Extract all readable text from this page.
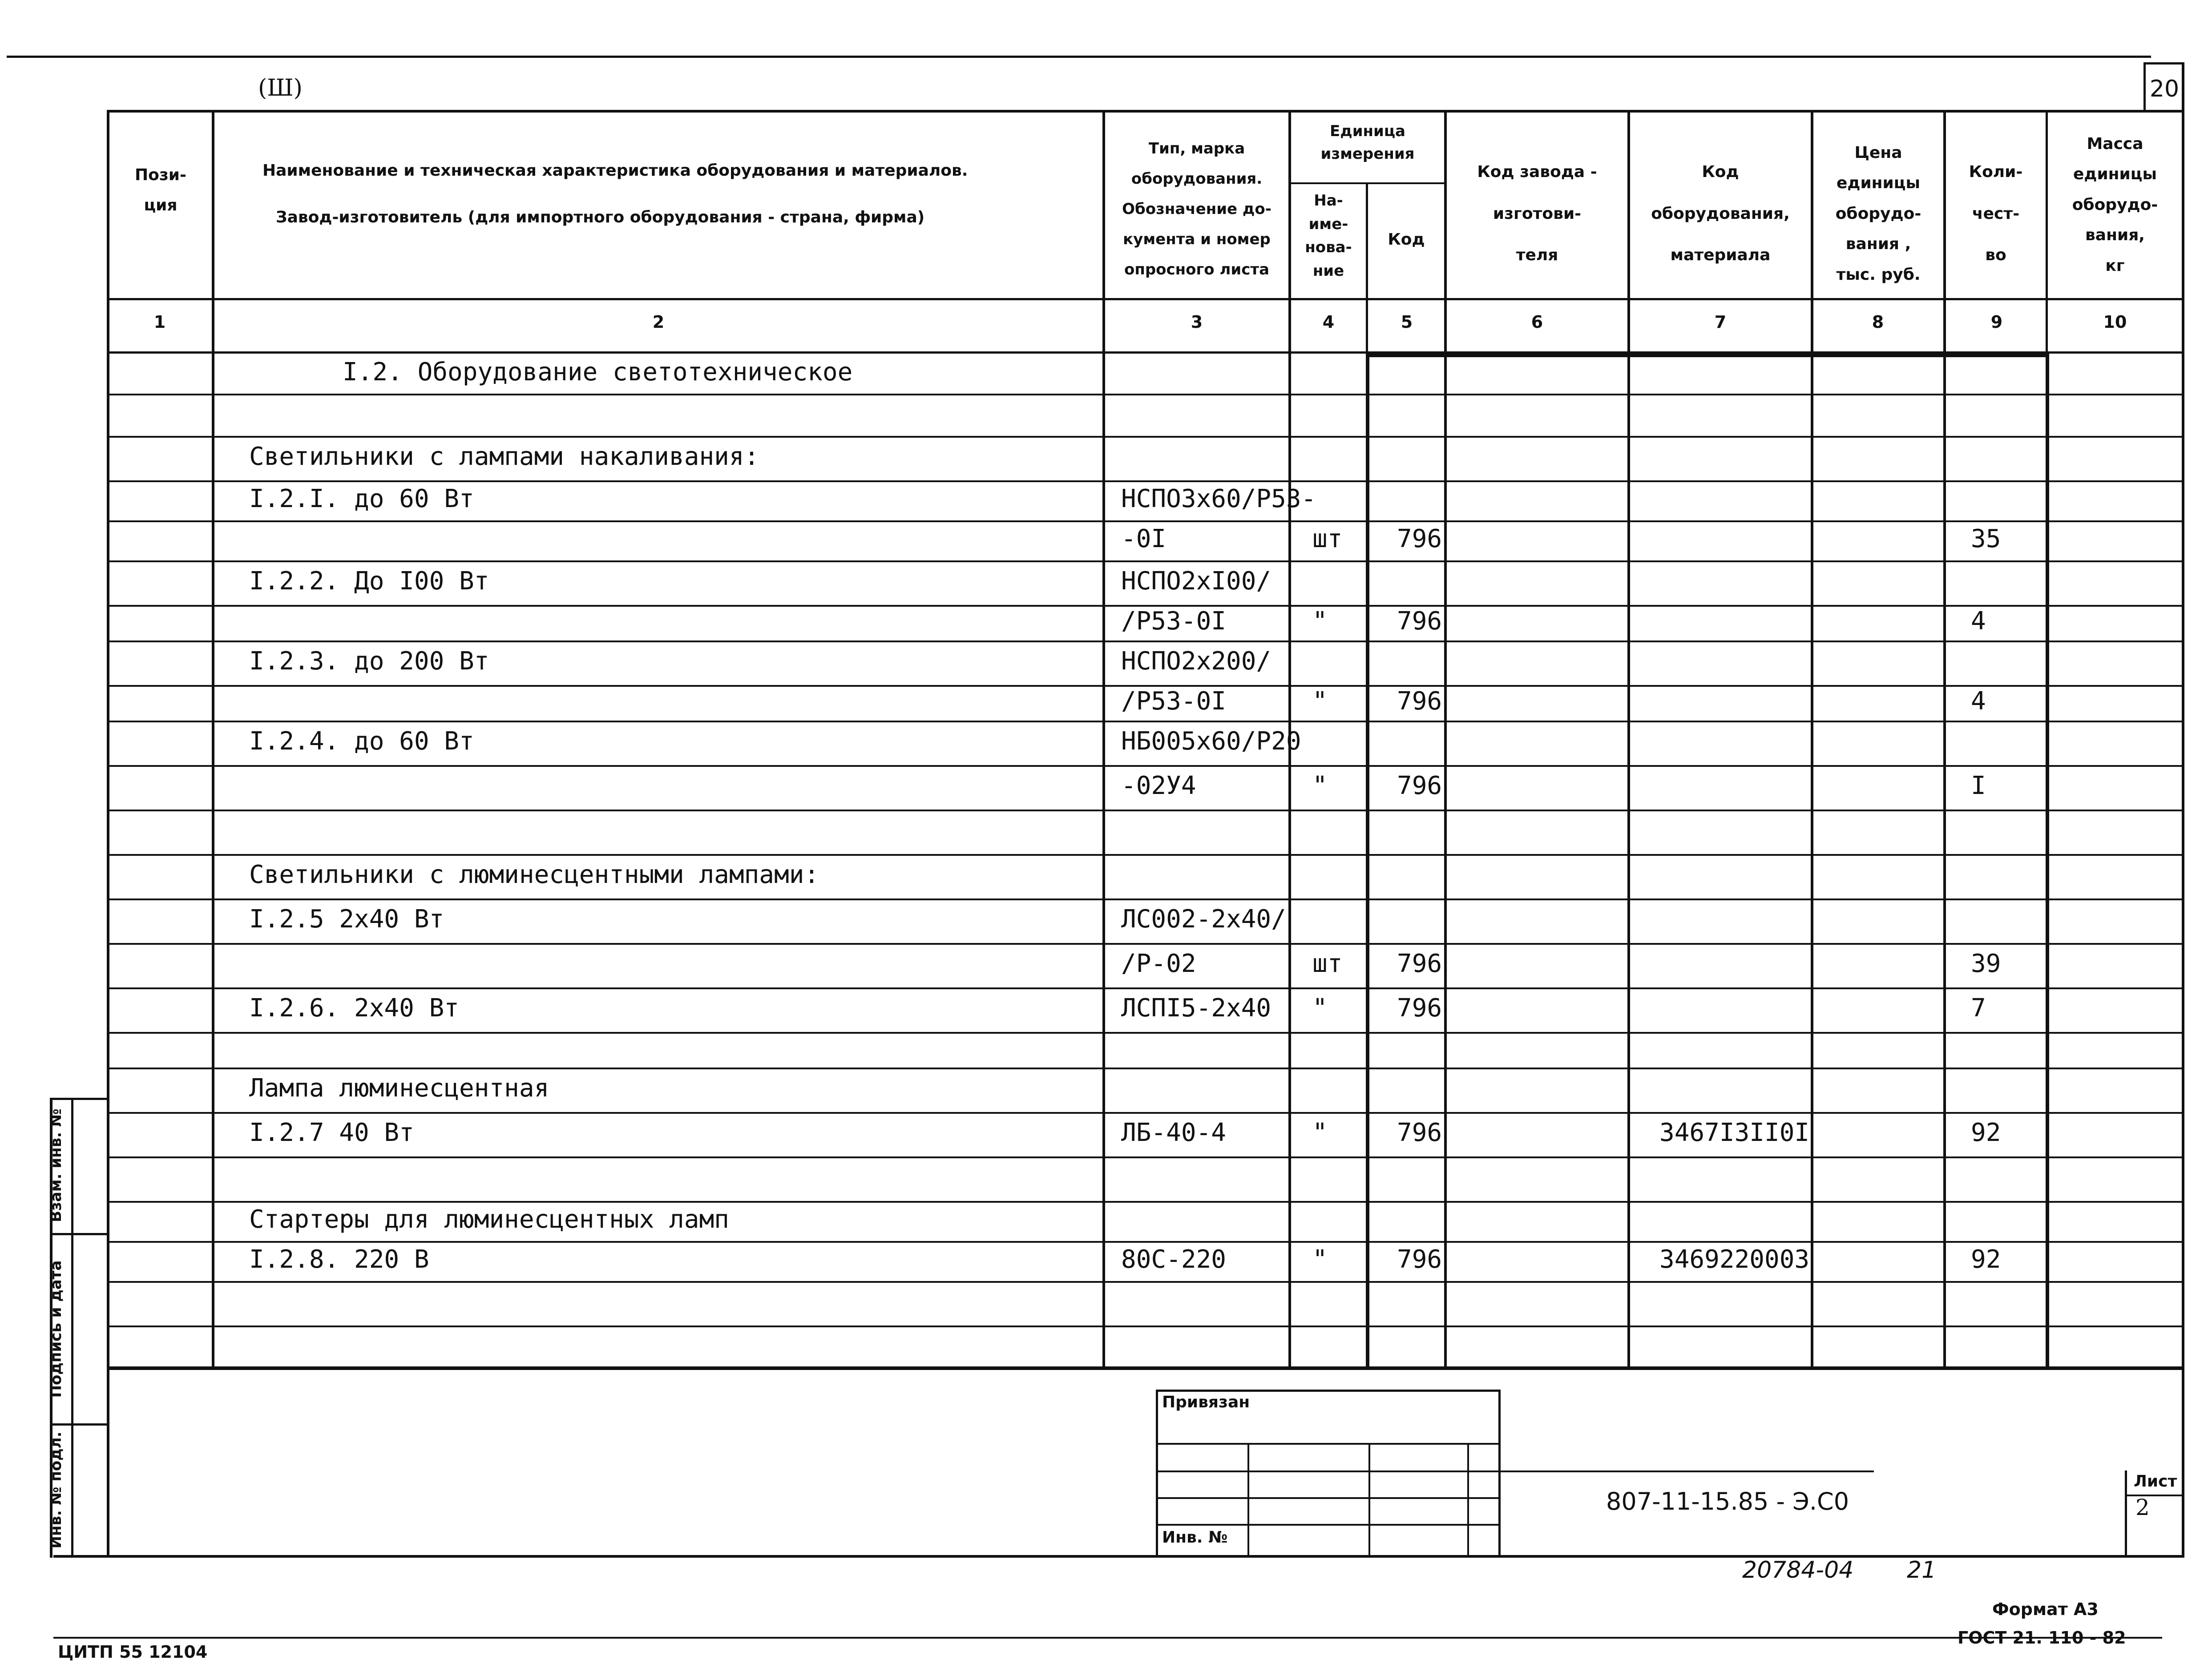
(Ш)	20
Пози-
ция
Наименование и техническая характеристика оборудования и материалов.
Завод-изготовитель (для импортного оборудования - страна, фирма)
Тип, марка
оборудования.
Обозначение до-
кумента и номер
опросного листа
Единица
измерения
На-
име-
нова-
ние
Код
Код завода -
изготови-
теля
Код
оборудования,
материала
Цена
единицы
оборудо-
вания ,
тыс. руб.
Коли-
чест-
во
Масса
единицы
оборудо-
вания,
кг
1	2	3	4	5	6	7	8	9	10
I.2. Оборудование светотехническое
Светильники с лампами накаливания:
I.2.I. до 60 Вт	НСПО3х60/Р53-
-0I	шт 796	35
I.2.2. До I00 Вт	НСПО2хI00/
/Р53-0I	"	796	4
I.2.3. до 200 Вт	НСПО2х200/
/Р53-0I	"	796	4
I.2.4. до 60 Вт	НБ005х60/Р20
-02У4	"	796	I
Светильники с люминесцентными лампами:
I.2.5 2х40 Вт	ЛС002-2х40/
/Р-02	шт 796	39
I.2.6. 2х40 Вт	ЛСПI5-2х40 "	796	7
Лампа люминесцентная
I.2.7 40 Вт	ЛБ-40-4	"	796	3467I3II0I	92
Стартеры для люминесцентных ламп
I.2.8. 220 В	80С-220	"	796	3469220003	92
Взам. инв. №
Подпись и дата
Инв. № подл.
Привязан
Инв. №
807-11-15.85 - Э.С0
Лист
2
20784-04 21
Формат А3
ГОСТ 21. 110 - 82
ЦИТП 55 12104
